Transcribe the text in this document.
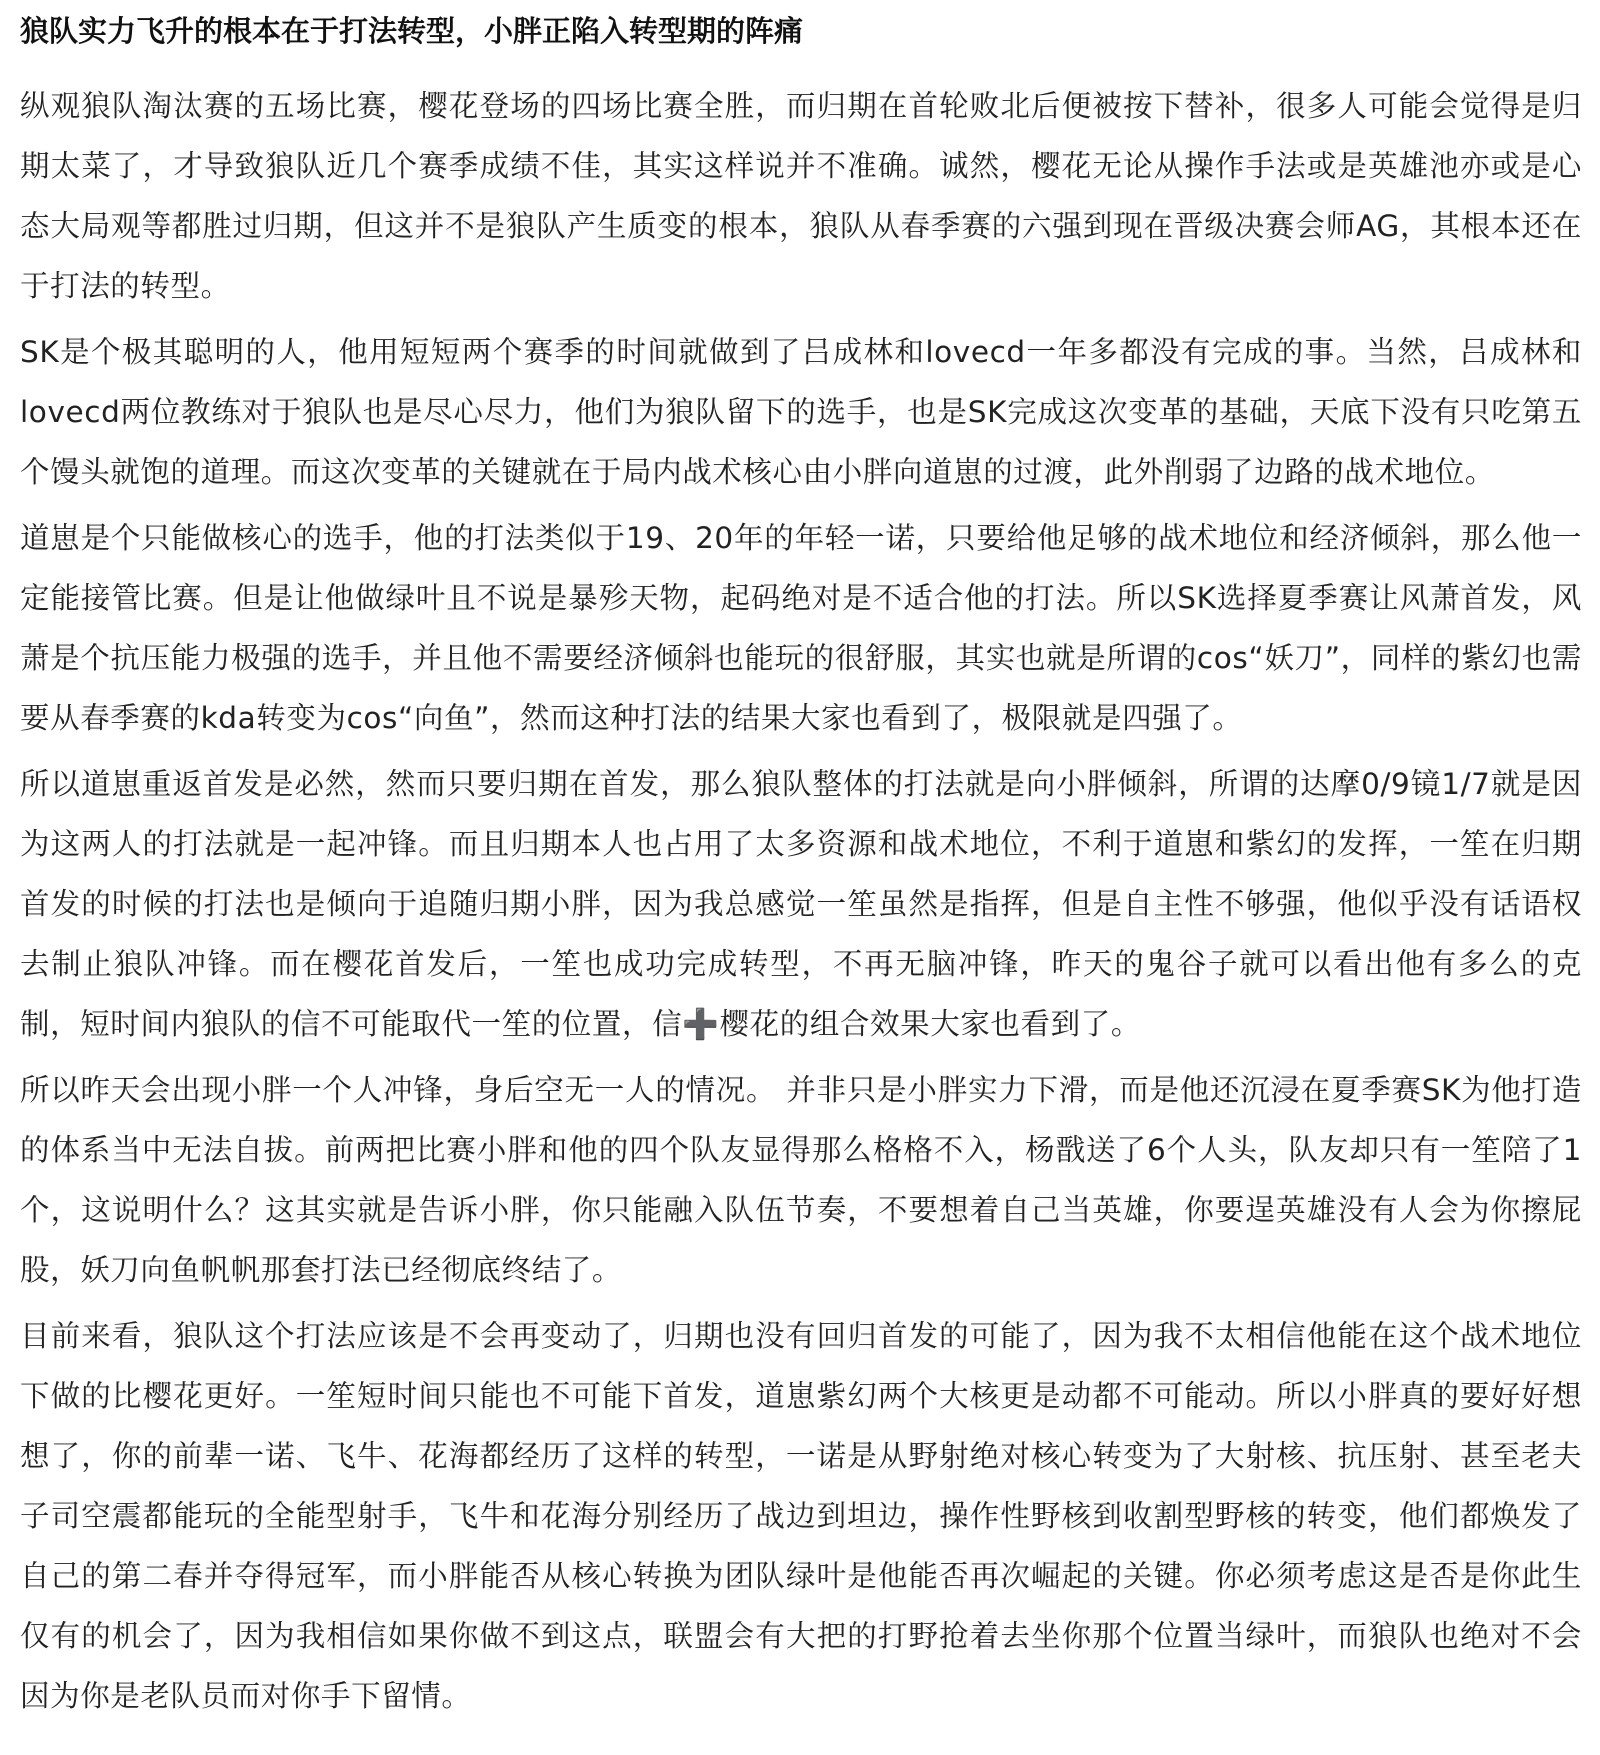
狼队实力飞升的根本在于打法转型，小胖正陷入转型期的阵痛

纵观狼队淘汰赛的五场比赛，樱花登场的四场比赛全胜，而归期在首轮败北后便被按下替补，很多人可能会觉得是归期太菜了，才导致狼队近几个赛季成绩不佳，其实这样说并不准确。诚然，樱花无论从操作手法或是英雄池亦或是心态大局观等都胜过归期，但这并不是狼队产生质变的根本，狼队从春季赛的六强到现在晋级决赛会师AG，其根本还在于打法的转型。

SK是个极其聪明的人，他用短短两个赛季的时间就做到了吕成林和lovecd一年多都没有完成的事。当然，吕成林和lovecd两位教练对于狼队也是尽心尽力，他们为狼队留下的选手，也是SK完成这次变革的基础，天底下没有只吃第五个馒头就饱的道理。而这次变革的关键就在于局内战术核心由小胖向道崽的过渡，此外削弱了边路的战术地位。

道崽是个只能做核心的选手，他的打法类似于19、20年的年轻一诺，只要给他足够的战术地位和经济倾斜，那么他一定能接管比赛。但是让他做绿叶且不说是暴殄天物，起码绝对是不适合他的打法。所以SK选择夏季赛让风萧首发，风萧是个抗压能力极强的选手，并且他不需要经济倾斜也能玩的很舒服，其实也就是所谓的cos“妖刀”，同样的紫幻也需要从春季赛的kda转变为cos“向鱼”，然而这种打法的结果大家也看到了，极限就是四强了。

所以道崽重返首发是必然，然而只要归期在首发，那么狼队整体的打法就是向小胖倾斜，所谓的达摩0/9镜1/7就是因为这两人的打法就是一起冲锋。而且归期本人也占用了太多资源和战术地位，不利于道崽和紫幻的发挥，一笙在归期首发的时候的打法也是倾向于追随归期小胖，因为我总感觉一笙虽然是指挥，但是自主性不够强，他似乎没有话语权去制止狼队冲锋。而在樱花首发后，一笙也成功完成转型，不再无脑冲锋，昨天的鬼谷子就可以看出他有多么的克制，短时间内狼队的信不可能取代一笙的位置，信➕樱花的组合效果大家也看到了。

所以昨天会出现小胖一个人冲锋，身后空无一人的情况。 并非只是小胖实力下滑，而是他还沉浸在夏季赛SK为他打造的体系当中无法自拔。前两把比赛小胖和他的四个队友显得那么格格不入，杨戬送了6个人头，队友却只有一笙陪了1个，这说明什么？这其实就是告诉小胖，你只能融入队伍节奏，不要想着自己当英雄，你要逞英雄没有人会为你擦屁股，妖刀向鱼帆帆那套打法已经彻底终结了。

目前来看，狼队这个打法应该是不会再变动了，归期也没有回归首发的可能了，因为我不太相信他能在这个战术地位下做的比樱花更好。一笙短时间只能也不可能下首发，道崽紫幻两个大核更是动都不可能动。所以小胖真的要好好想想了，你的前辈一诺、飞牛、花海都经历了这样的转型，一诺是从野射绝对核心转变为了大射核、抗压射、甚至老夫子司空震都能玩的全能型射手，飞牛和花海分别经历了战边到坦边，操作性野核到收割型野核的转变，他们都焕发了自己的第二春并夺得冠军，而小胖能否从核心转换为团队绿叶是他能否再次崛起的关键。你必须考虑这是否是你此生仅有的机会了，因为我相信如果你做不到这点，联盟会有大把的打野抢着去坐你那个位置当绿叶，而狼队也绝对不会因为你是老队员而对你手下留情。
